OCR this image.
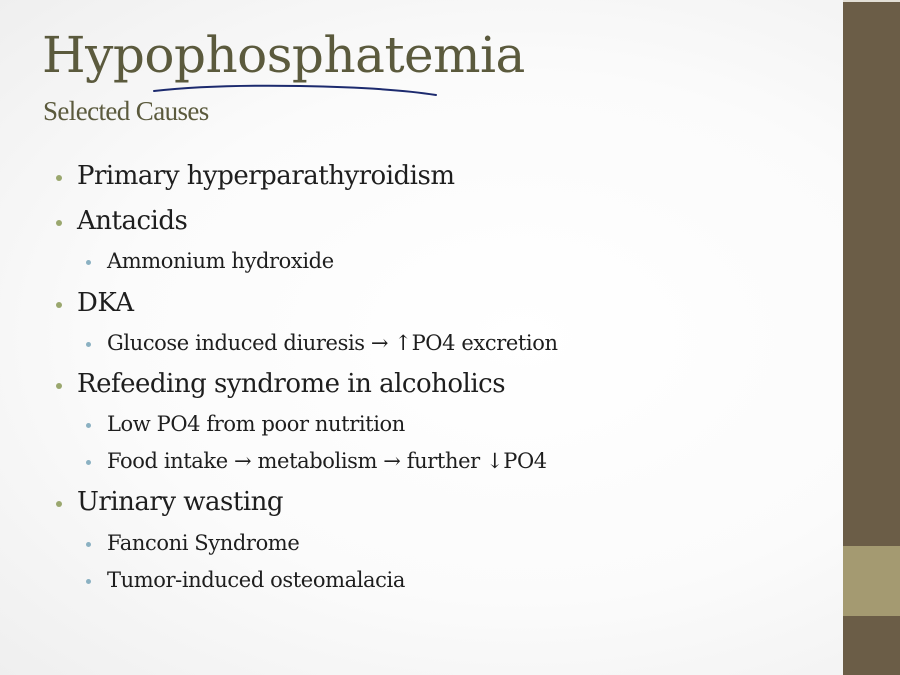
Hypophosphatemia
Selected Causes
Primary hyperparathyroidism
Antacids
Ammonium hydroxide
DKA
Glucose induced diuresis → ↑PO4 excretion
Refeeding syndrome in alcoholics
Low PO4 from poor nutrition
Food intake → metabolism → further ↓PO4
Urinary wasting
Fanconi Syndrome
Tumor-induced osteomalacia
